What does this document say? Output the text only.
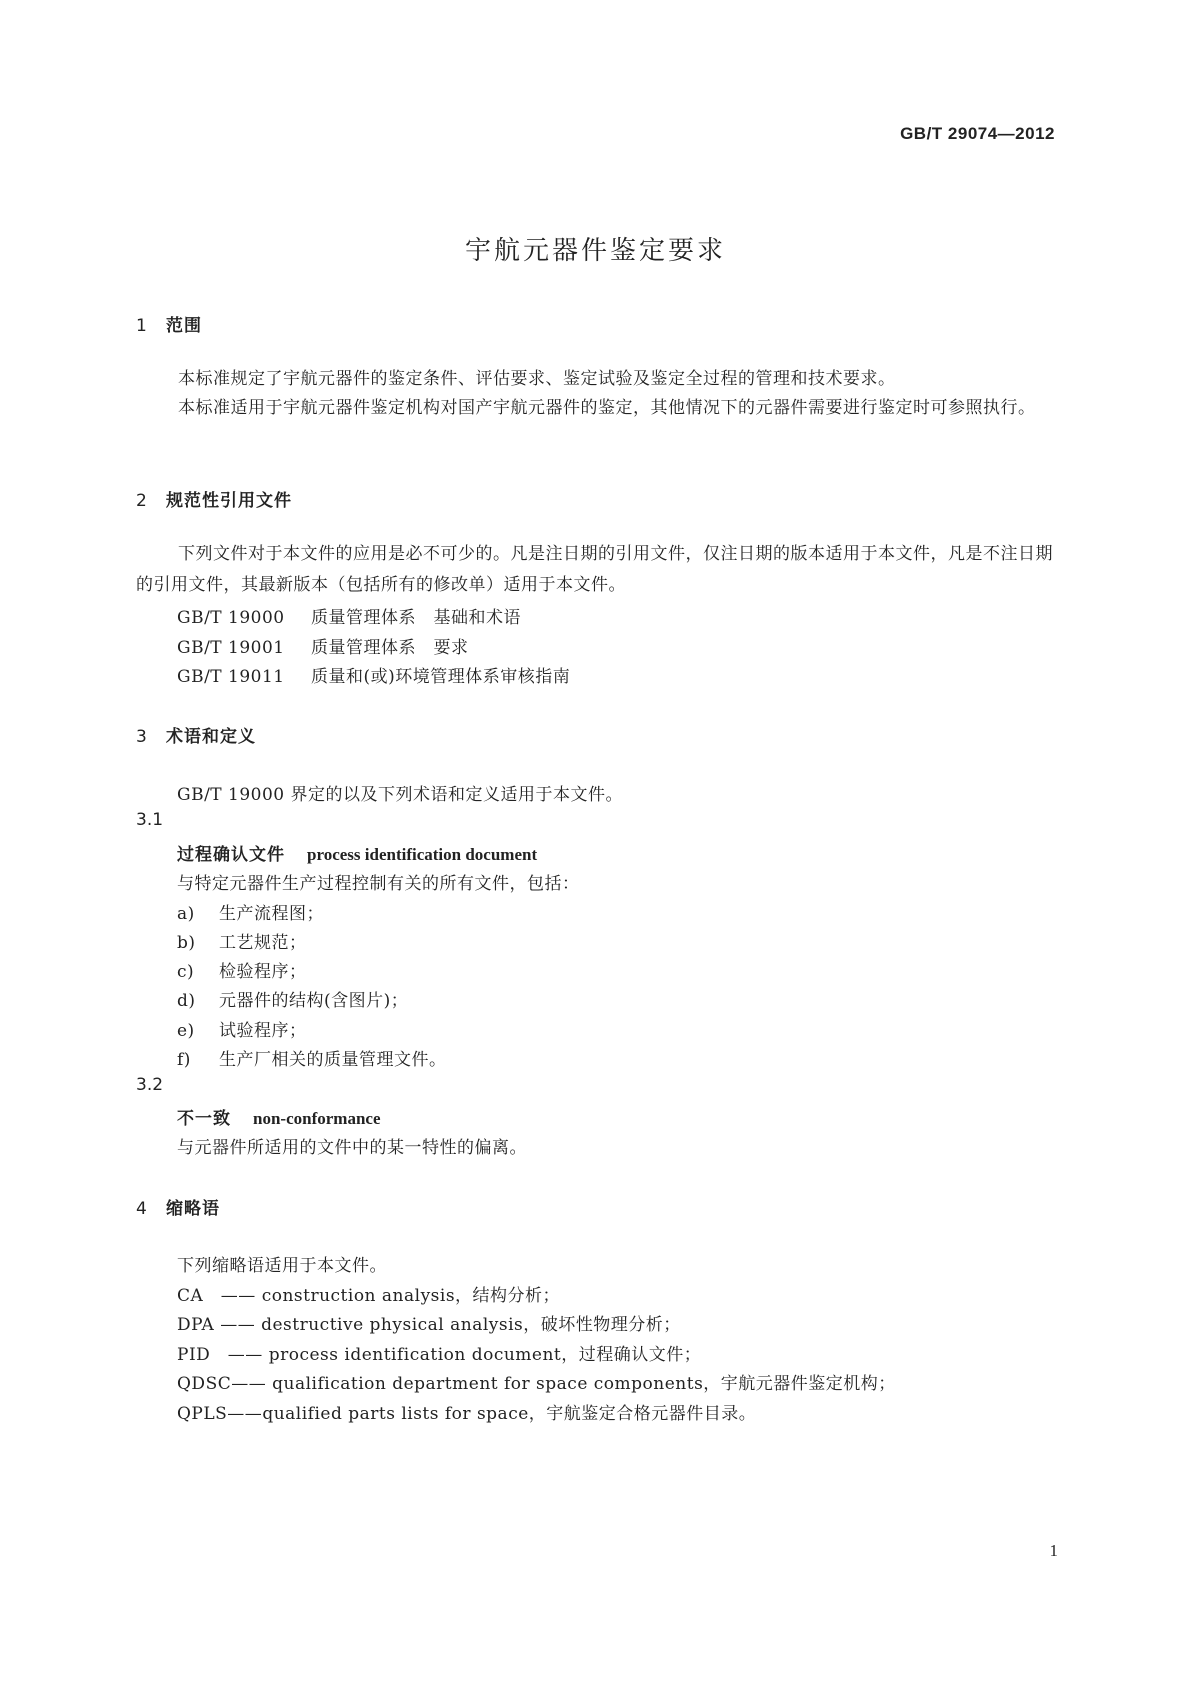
GB/T 29074—2012
宇航元器件鉴定要求
1 范围
本标准规定了宇航元器件的鉴定条件、评估要求、鉴定试验及鉴定全过程的管理和技术要求。
本标准适用于宇航元器件鉴定机构对国产宇航元器件的鉴定，其他情况下的元器件需要进行鉴定时可参照执行。
2 规范性引用文件
下列文件对于本文件的应用是必不可少的。凡是注日期的引用文件，仅注日期的版本适用于本文件，凡是不注日期的引用文件，其最新版本（包括所有的修改单）适用于本文件。
GB/T 19000 质量管理体系　基础和术语
GB/T 19001 质量管理体系　要求
GB/T 19011 质量和(或)环境管理体系审核指南
3 术语和定义
GB/T 19000 界定的以及下列术语和定义适用于本文件。
3.1
过程确认文件 process identification document
与特定元器件生产过程控制有关的所有文件，包括：
a) 生产流程图；
b) 工艺规范；
c) 检验程序；
d) 元器件的结构(含图片)；
e) 试验程序；
f) 生产厂相关的质量管理文件。
3.2
不一致 non-conformance
与元器件所适用的文件中的某一特性的偏离。
4 缩略语
下列缩略语适用于本文件。
CA　—— construction analysis，结构分析；
DPA —— destructive physical analysis，破坏性物理分析；
PID　—— process identification document，过程确认文件；
QDSC—— qualification department for space components，宇航元器件鉴定机构；
QPLS——qualified parts lists for space，宇航鉴定合格元器件目录。
1
